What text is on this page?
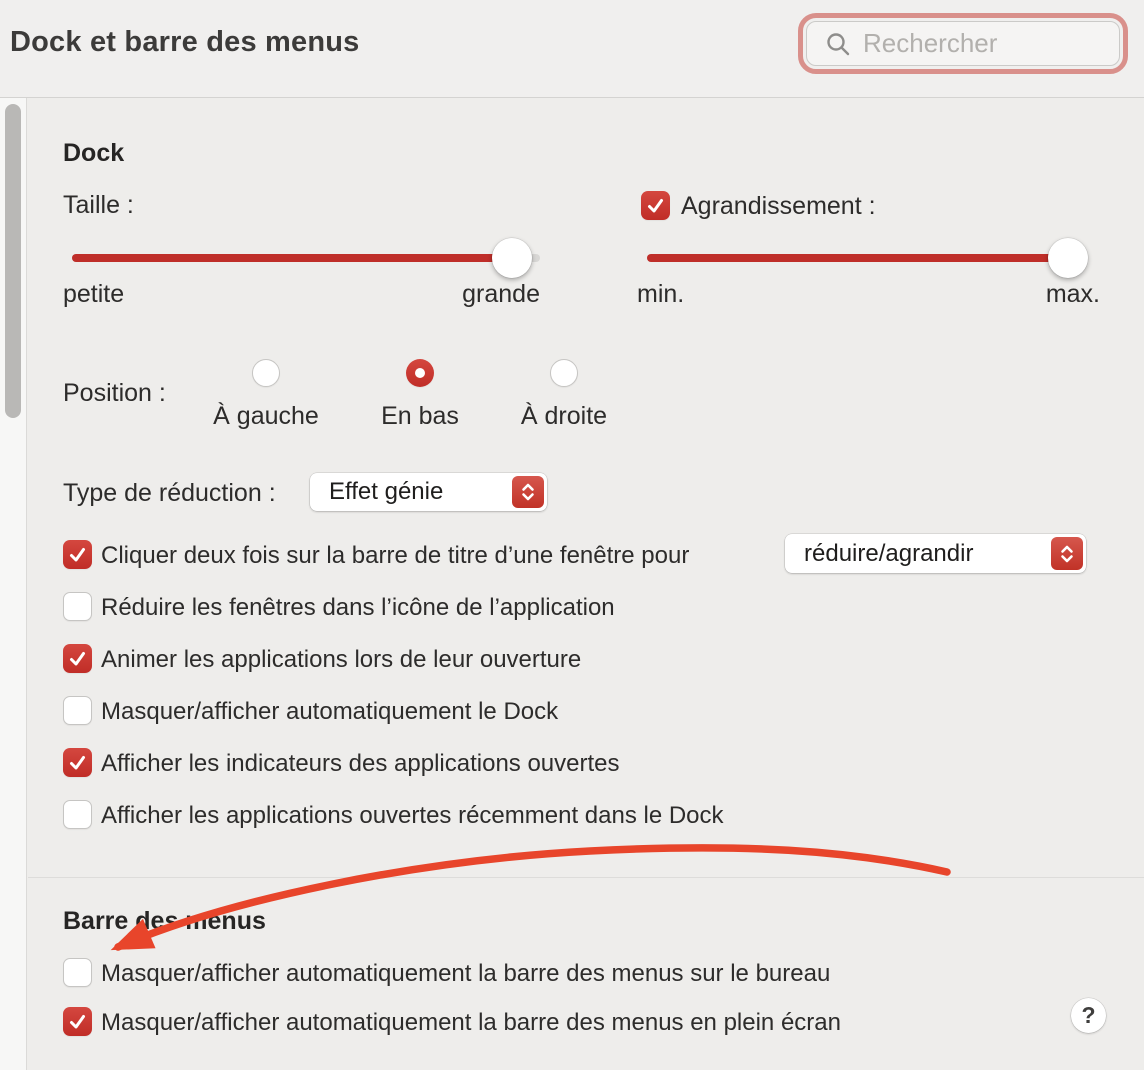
Dock et barre des menus	Rechercher
Dock
Taille :
petite	grande
Agrandissement :
min.	max.
Position :
À gauche	En bas	À droite
Type de réduction :	Effet génie
Cliquer deux fois sur la barre de titre d’une fenêtre pour	réduire/agrandir
Réduire les fenêtres dans l’icône de l’application
Animer les applications lors de leur ouverture
Masquer/afficher automatiquement le Dock
Afficher les indicateurs des applications ouvertes
Afficher les applications ouvertes récemment dans le Dock
Barre des menus
Masquer/afficher automatiquement la barre des menus sur le bureau
Masquer/afficher automatiquement la barre des menus en plein écran	?
